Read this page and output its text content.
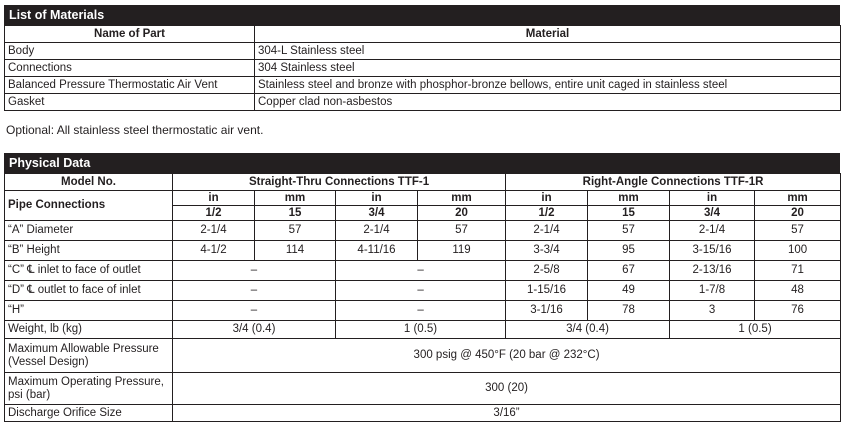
List of Materials
Name of Part	Material
Body	304-L Stainless steel
Connections	304 Stainless steel
Balanced Pressure Thermostatic Air Vent	Stainless steel and bronze with phosphor-bronze bellows, entire unit caged in stainless steel
Gasket	Copper clad non-asbestos
Optional: All stainless steel thermostatic air vent.
Physical Data
Model No.	Straight-Thru Connections TTF-1				Right-Angle Connections TTF-1R			
Pipe Connections	in	mm	in	mm	in	mm	in	mm
	1/2	15	3/4	20	1/2	15	3/4	20
“A” Diameter	2-1/4	57	2-1/4	57	2-1/4	57	2-1/4	57
“B” Height	4-1/2	114	4-11/16	119	3-3/4	95	3-15/16	100
“C” ℄ inlet to face of outlet	–		–		2-5/8	67	2-13/16	71
“D” ℄ outlet to face of inlet	–		–		1-15/16	49	1-7/8	48
“H”	–		–		3-1/16	78	3	76
Weight, lb (kg)	3/4 (0.4)		1 (0.5)		3/4 (0.4)		1 (0.5)	

Maximum Allowable Pressure
(Vessel Design)	300 psig @ 450°F (20 bar @ 232°C)							

Maximum Operating Pressure,
psi (bar)	300 (20)							
Discharge Orifice Size	3/16”							
